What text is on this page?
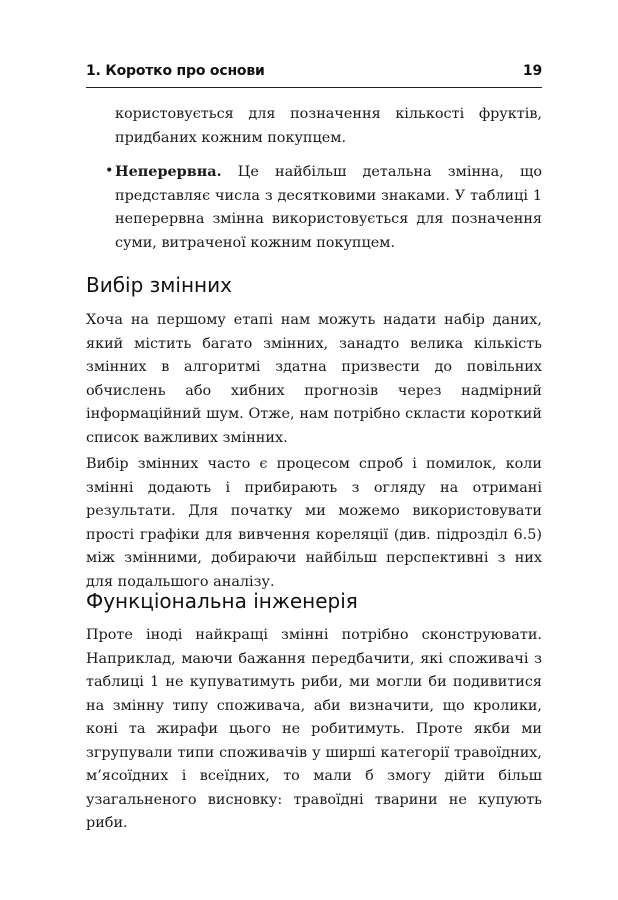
1. Коротко про основи	19

користовується для позначення кількості фруктів, придбаних кожним покупцем.

• Неперервна. Це найбільш детальна змінна, що представляє числа з десятковими знаками. У таблиці 1 неперервна змінна використовується для позначення суми, витраченої кожним покупцем.

Вибір змінних

Хоча на першому етапі нам можуть надати набір даних, який містить багато змінних, занадто велика кількість змінних в алгоритмі здатна призвести до повільних обчислень або хибних прогнозів через надмірний інформаційний шум. Отже, нам потрібно скласти короткий список важливих змінних.

Вибір змінних часто є процесом спроб і помилок, коли змінні додають і прибирають з огляду на отримані результати. Для початку ми можемо використовувати прості графіки для вивчення кореляції (див. підрозділ 6.5) між змінними, добираючи найбільш перспективні з них для подальшого аналізу.

Функціональна інженерія

Проте іноді найкращі змінні потрібно сконструювати. Наприклад, маючи бажання передбачити, які споживачі з таблиці 1 не купуватимуть риби, ми могли би подивитися на змінну типу споживача, аби визначити, що кролики, коні та жирафи цього не робитимуть. Проте якби ми згрупували типи споживачів у ширші категорії травоїдних, м’ясоїдних і всеїдних, то мали б змогу дійти більш узагальненого висновку: травоїдні тварини не купують риби.
